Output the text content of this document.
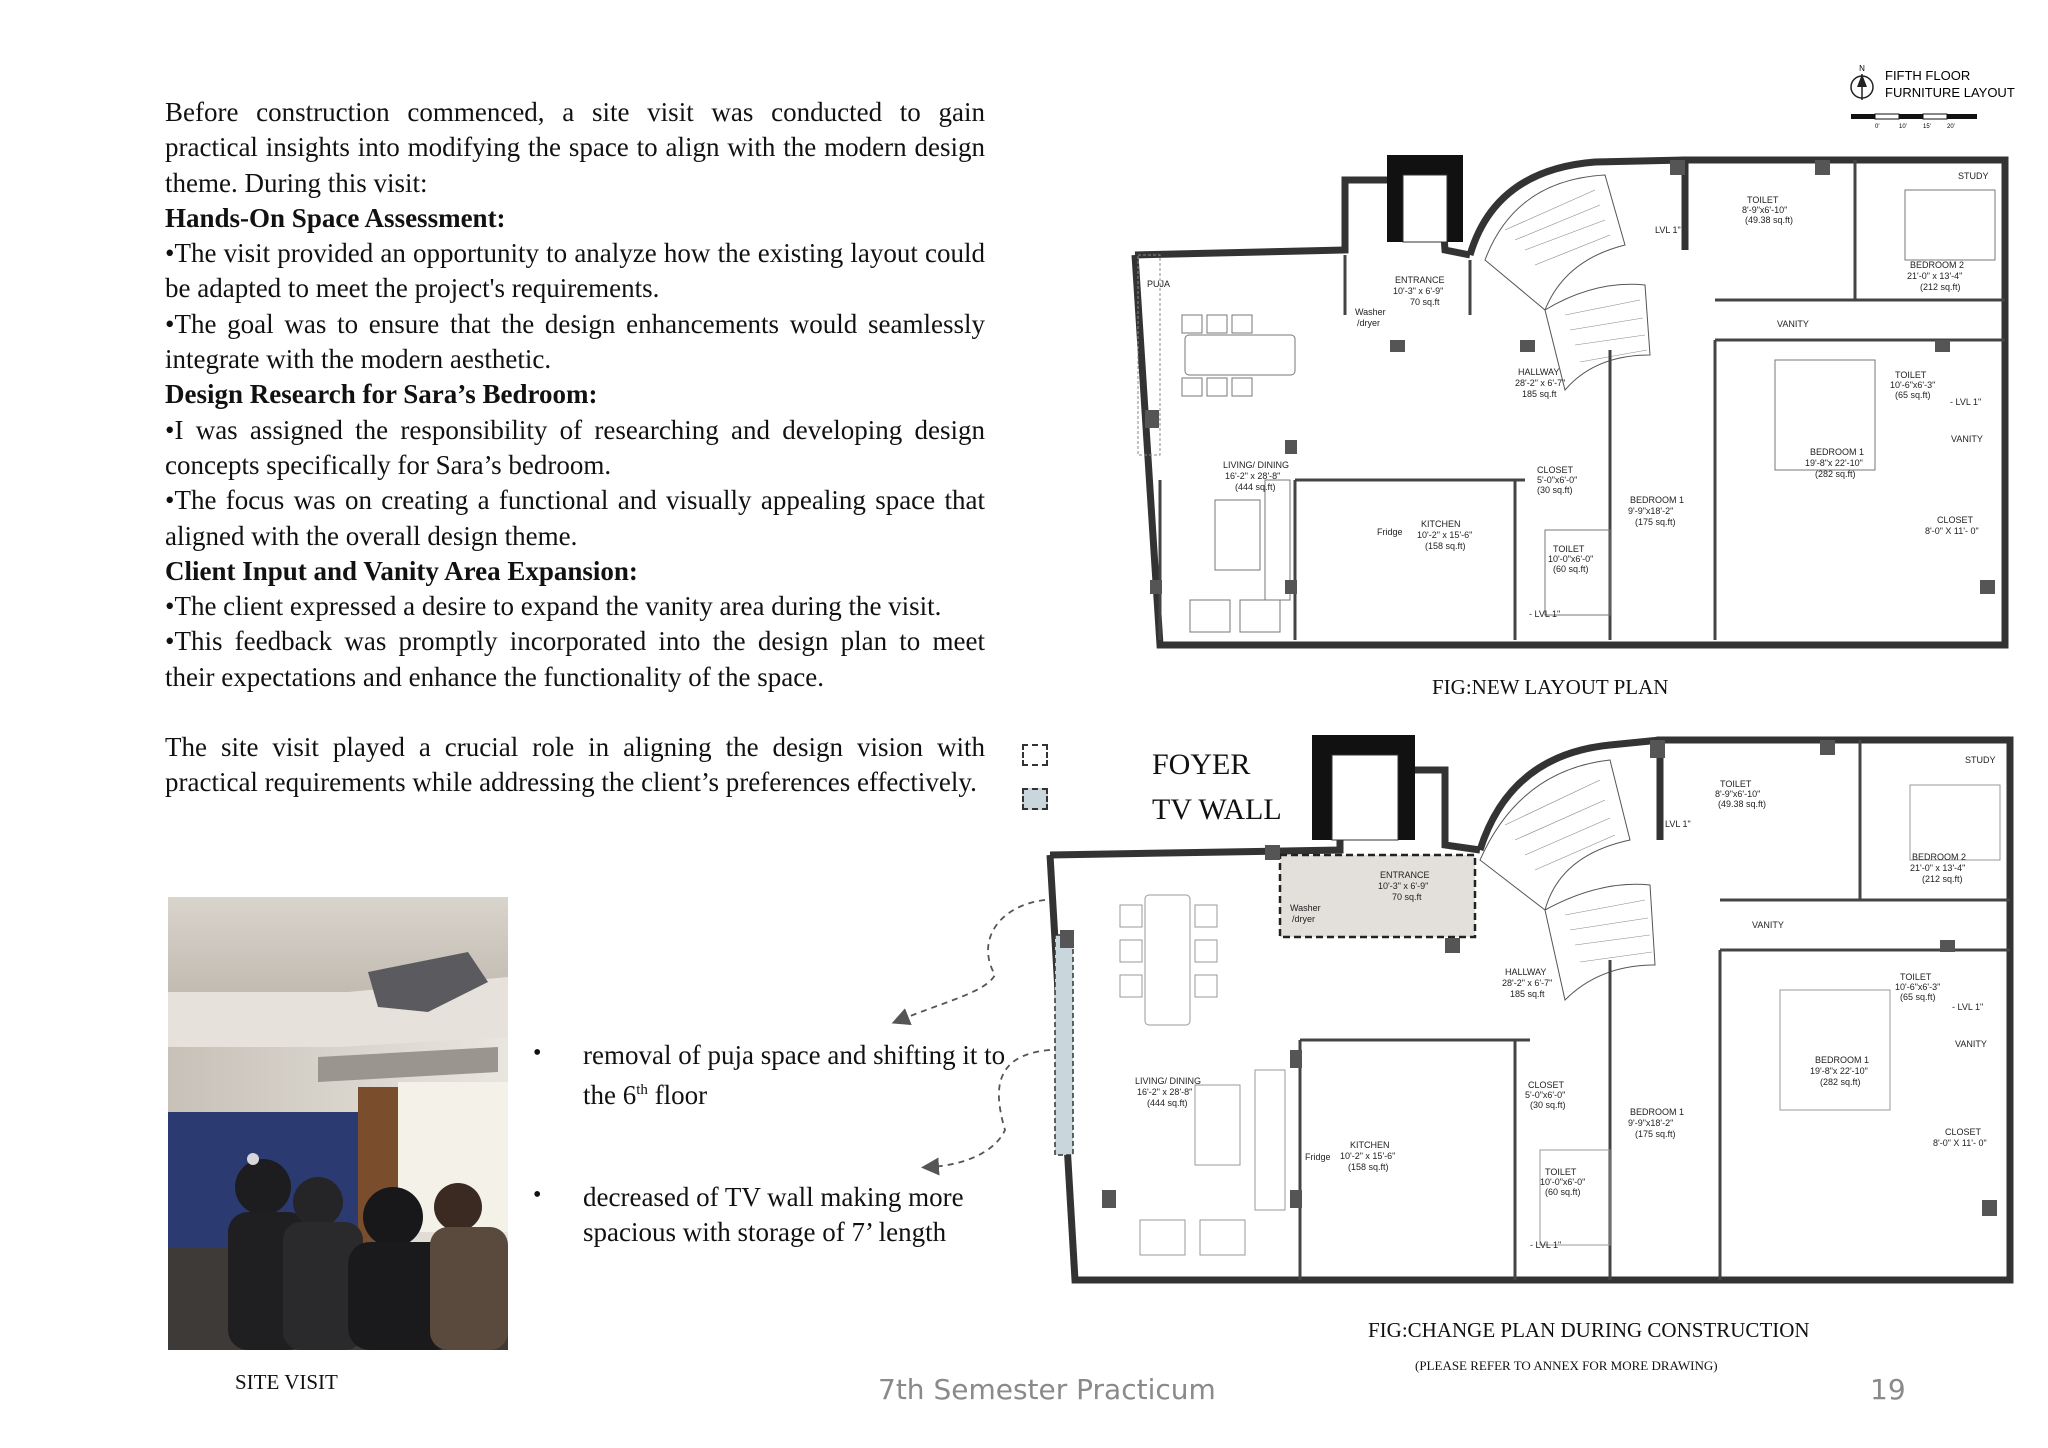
Before construction commenced, a site visit was conducted to gain practical insights into modifying the space to align with the modern design theme. During this visit:

Hands-On Space Assessment:

•The visit provided an opportunity to analyze how the existing layout could be adapted to meet the project's requirements.

•The goal was to ensure that the design enhancements would seamlessly integrate with the modern aesthetic.

Design Research for Sara’s Bedroom:

•I was assigned the responsibility of researching and developing design concepts specifically for Sara’s bedroom.

•The focus was on creating a functional and visually appealing space that aligned with the overall design theme.

Client Input and Vanity Area Expansion:

•The client expressed a desire to expand the vanity area during the visit.

•This feedback was promptly incorporated into the design plan to meet their expectations and enhance the functionality of the space.

The site visit played a crucial role in aligning the design vision with practical requirements while addressing the client’s preferences effectively.

SITE VISIT
• removal of puja space and shifting it to the 6th floor
• decreased of TV wall making more spacious with storage of 7’ length
FOYER
TV WALL
N FIFTH FLOOR
FURNITURE LAYOUT
0'	10'	15'	20'
PUJA	ENTRANCE
10'-3" x 6'-9"
70 sq.ft
Washer
/dryer
HALLWAY
28'-2" x 6'-7"
185 sq.ft
LIVING/ DINING
16'-2" x 28'-8"
(444 sq.ft)
KITCHEN
10'-2" x 15'-6"
(158 sq.ft)
Fridge
CLOSET
5'-0"x6'-0"
(30 sq.ft)
TOILET
10'-0"x6'-0"
(60 sq.ft)
BEDROOM 1
9'-9"x18'-2"
(175 sq.ft)
BEDROOM 1
19'-8"x 22'-10"
(282 sq.ft)
CLOSET
8'-0" X 11'- 0"
BEDROOM 2
21'-0" x 13'-4"
(212 sq.ft)
TOILET
8'-9"x6'-10"
(49.38 sq.ft)
TOILET
10'-6"x6'-3"
(65 sq.ft)
VANITY
VANITY
STUDY
LVL 1"
- LVL 1"
- LVL 1"
FIG:NEW LAYOUT PLAN
ENTRANCE
10'-3" x 6'-9"
70 sq.ft
Washer
/dryer
HALLWAY
28'-2" x 6'-7"
185 sq.ft
LIVING/ DINING
16'-2" x 28'-8"
(444 sq.ft)
KITCHEN
10'-2" x 15'-6"
(158 sq.ft)
Fridge
CLOSET
5'-0"x6'-0"
(30 sq.ft)
TOILET
10'-0"x6'-0"
(60 sq.ft)
BEDROOM 1
9'-9"x18'-2"
(175 sq.ft)
BEDROOM 1
19'-8"x 22'-10"
(282 sq.ft)
CLOSET
8'-0" X 11'- 0"
BEDROOM 2
21'-0" x 13'-4"
(212 sq.ft)
TOILET
8'-9"x6'-10"
(49.38 sq.ft)
TOILET
10'-6"x6'-3"
(65 sq.ft)
VANITY
VANITY
STUDY
LVL 1"
- LVL 1"
- LVL 1"
FIG:CHANGE PLAN DURING CONSTRUCTION
(PLEASE REFER TO ANNEX FOR MORE DRAWING)
7th Semester Practicum	19
